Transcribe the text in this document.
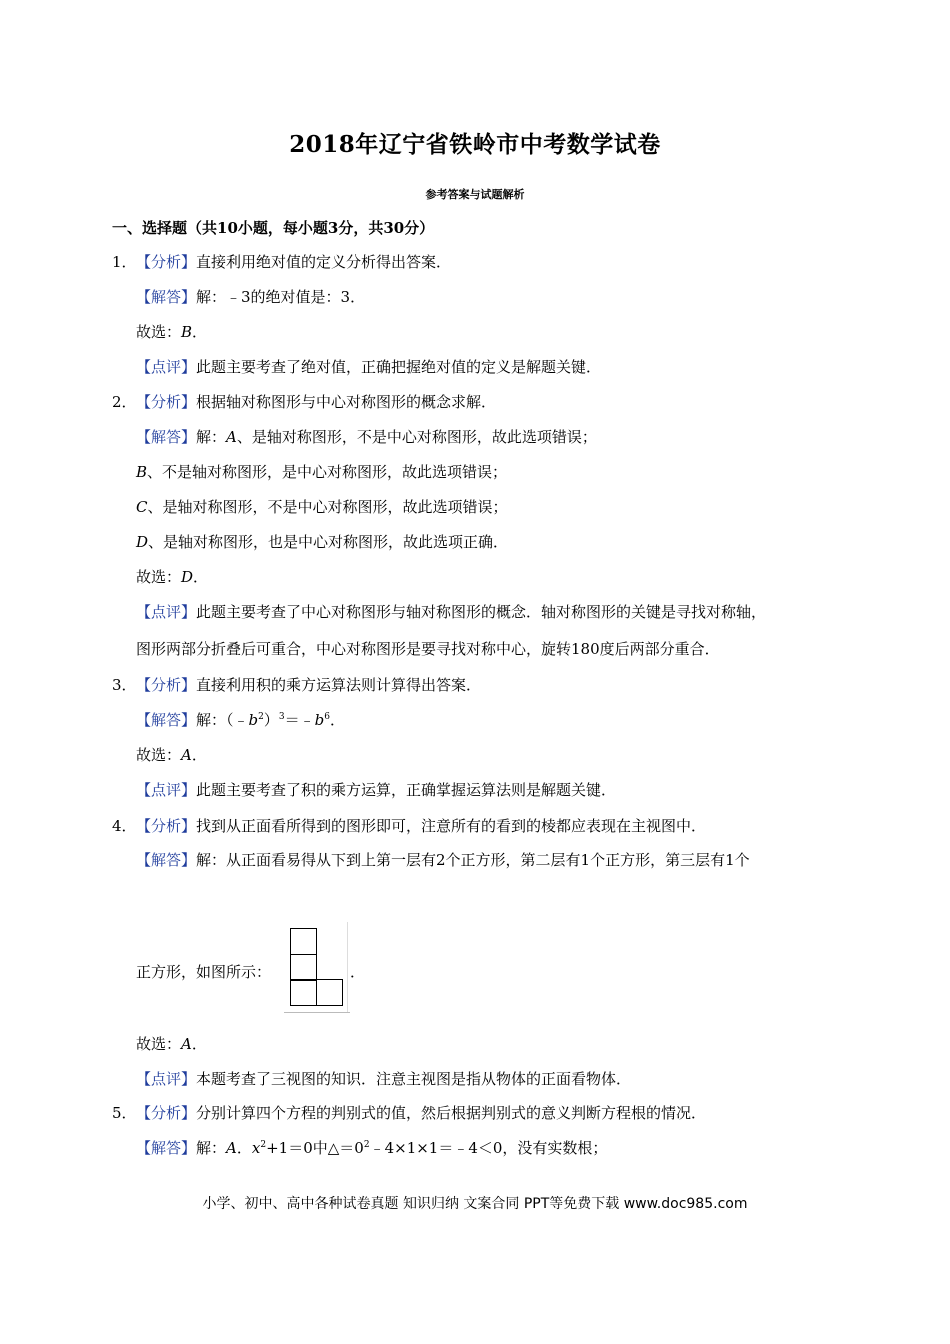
2018年辽宁省铁岭市中考数学试卷
参考答案与试题解析
一、选择题（共10小题，每小题3分，共30分）
1．【分析】直接利用绝对值的定义分析得出答案．
【解答】解：﹣3的绝对值是：3．
故选：B．
【点评】此题主要考查了绝对值，正确把握绝对值的定义是解题关键．
2．【分析】根据轴对称图形与中心对称图形的概念求解．
【解答】解：A、是轴对称图形，不是中心对称图形，故此选项错误；
B、不是轴对称图形，是中心对称图形，故此选项错误；
C、是轴对称图形，不是中心对称图形，故此选项错误；
D、是轴对称图形，也是中心对称图形，故此选项正确．
故选：D．
【点评】此题主要考查了中心对称图形与轴对称图形的概念．轴对称图形的关键是寻找对称轴，
图形两部分折叠后可重合，中心对称图形是要寻找对称中心，旋转180度后两部分重合．
3．【分析】直接利用积的乘方运算法则计算得出答案．
【解答】解：$(﹣b^2)^3=﹣b^6$．
故选：A．
【点评】此题主要考查了积的乘方运算，正确掌握运算法则是解题关键．
4．【分析】找到从正面看所得到的图形即可，注意所有的看到的棱都应表现在主视图中．
【解答】解：从正面看易得从下到上第一层有2个正方形，第二层有1个正方形，第三层有1个
正方形，如图所示：	．
故选：A．
【点评】本题考查了三视图的知识．注意主视图是指从物体的正面看物体．
5．【分析】分别计算四个方程的判别式的值，然后根据判别式的意义判断方程根的情况．
【解答】解：A．$x^2+1=0$中$\triangle=0^2﹣4\times 1\times 1=﹣4<0$，没有实数根；
小学、初中、高中各种试卷真题 知识归纳 文案合同 PPT等免费下载 www.doc985.com
